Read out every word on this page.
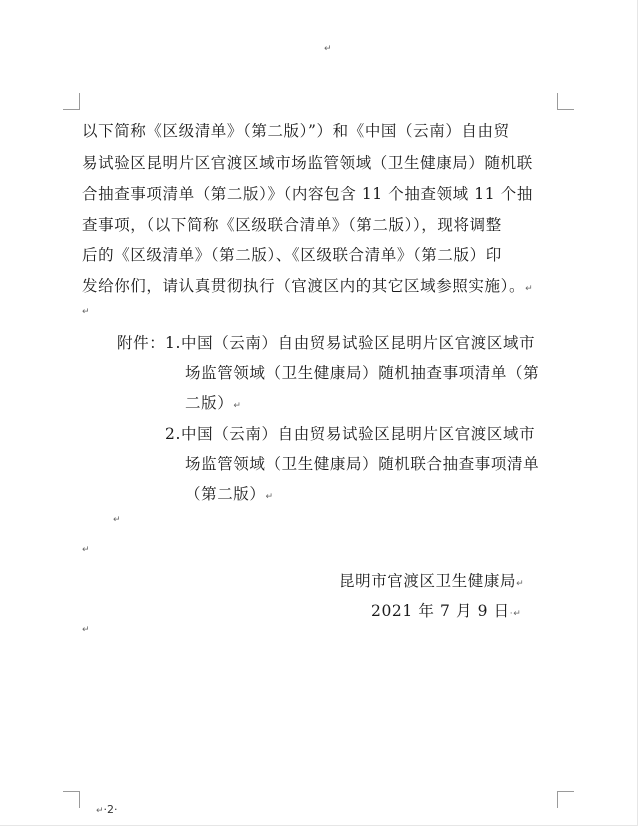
↵
以下简称《区级清单》（第二版）”）和《中国（云南）自由贸
易试验区昆明片区官渡区域市场监管领域（卫生健康局）随机联
合抽查事项清单（第二版）》（内容包含 11 个抽查领域 11 个抽
查事项，（以下简称《区级联合清单》（第二版）），现将调整
后的《区级清单》（第二版）、《区级联合清单》（第二版）印
发给你们，请认真贯彻执行（官渡区内的其它区域参照实施）。↵
↵
附件： 1.中国（云南）自由贸易试验区昆明片区官渡区域市
场监管领域（卫生健康局）随机抽查事项清单（第
二版）↵
2.中国（云南）自由贸易试验区昆明片区官渡区域市
场监管领域（卫生健康局）随机联合抽查事项清单
（第二版）↵
↵
↵
昆明市官渡区卫生健康局↵
2021 年 7 月 9 日·↵
↵
↵·2·
